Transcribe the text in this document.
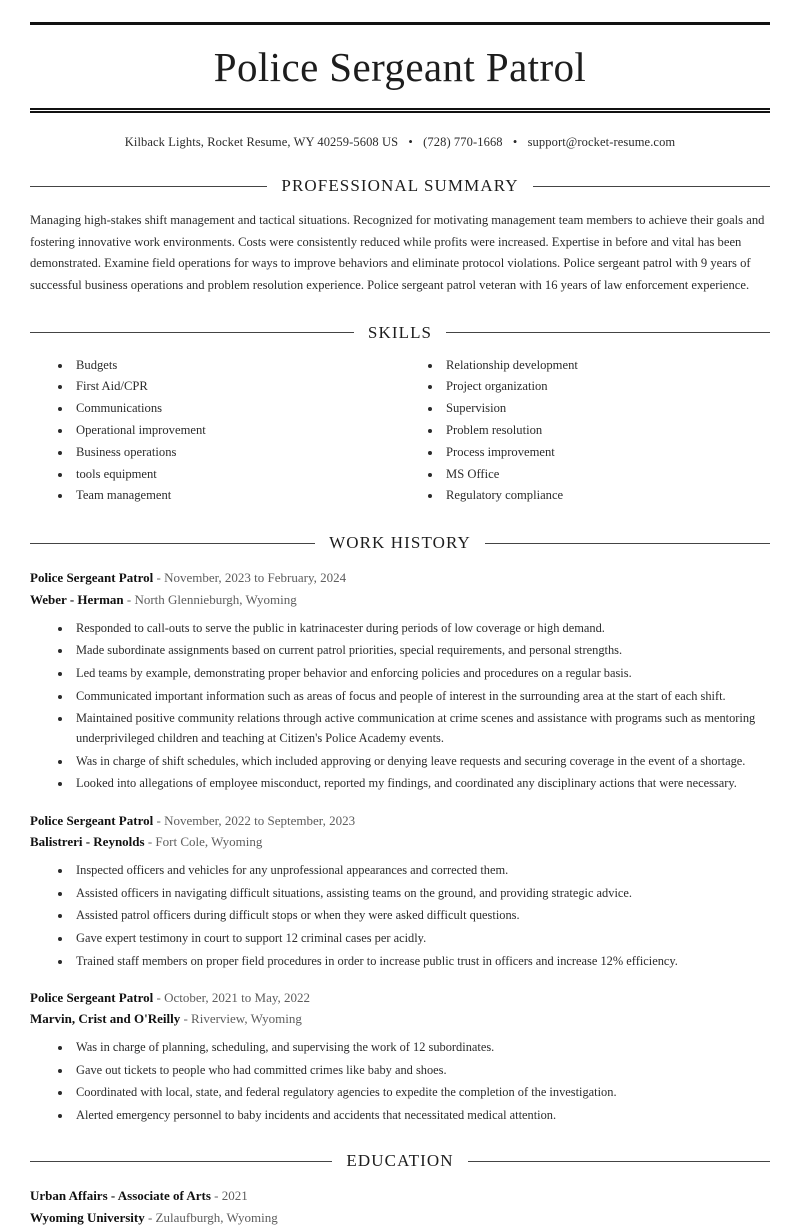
Police Sergeant Patrol
Kilback Lights, Rocket Resume, WY 40259-5608 US • (728) 770-1668 • support@rocket-resume.com
PROFESSIONAL SUMMARY

Managing high-stakes shift management and tactical situations. Recognized for motivating management team members to achieve their goals and fostering innovative work environments. Costs were consistently reduced while profits were increased. Expertise in before and vital has been demonstrated. Examine field operations for ways to improve behaviors and eliminate protocol violations. Police sergeant patrol with 9 years of successful business operations and problem resolution experience. Police sergeant patrol veteran with 16 years of law enforcement experience.

SKILLS
• Budgets
• First Aid/CPR
• Communications
• Operational improvement
• Business operations
• tools equipment
• Team management
• Relationship development
• Project organization
• Supervision
• Problem resolution
• Process improvement
• MS Office
• Regulatory compliance
WORK HISTORY
Police Sergeant Patrol - November, 2023 to February, 2024
Weber - Herman - North Glennieburgh, Wyoming
• Responded to call-outs to serve the public in katrinacester during periods of low coverage or high demand.
• Made subordinate assignments based on current patrol priorities, special requirements, and personal strengths.
• Led teams by example, demonstrating proper behavior and enforcing policies and procedures on a regular basis.
• Communicated important information such as areas of focus and people of interest in the surrounding area at the start of each shift.
• Maintained positive community relations through active communication at crime scenes and assistance with programs such as mentoring underprivileged children and teaching at Citizen's Police Academy events.
• Was in charge of shift schedules, which included approving or denying leave requests and securing coverage in the event of a shortage.
• Looked into allegations of employee misconduct, reported my findings, and coordinated any disciplinary actions that were necessary.
Police Sergeant Patrol - November, 2022 to September, 2023
Balistreri - Reynolds - Fort Cole, Wyoming
• Inspected officers and vehicles for any unprofessional appearances and corrected them.
• Assisted officers in navigating difficult situations, assisting teams on the ground, and providing strategic advice.
• Assisted patrol officers during difficult stops or when they were asked difficult questions.
• Gave expert testimony in court to support 12 criminal cases per acidly.
• Trained staff members on proper field procedures in order to increase public trust in officers and increase 12% efficiency.
Police Sergeant Patrol - October, 2021 to May, 2022
Marvin, Crist and O'Reilly - Riverview, Wyoming
• Was in charge of planning, scheduling, and supervising the work of 12 subordinates.
• Gave out tickets to people who had committed crimes like baby and shoes.
• Coordinated with local, state, and federal regulatory agencies to expedite the completion of the investigation.
• Alerted emergency personnel to baby incidents and accidents that necessitated medical attention.
EDUCATION
Urban Affairs - Associate of Arts - 2021
Wyoming University - Zulaufburgh, Wyoming
